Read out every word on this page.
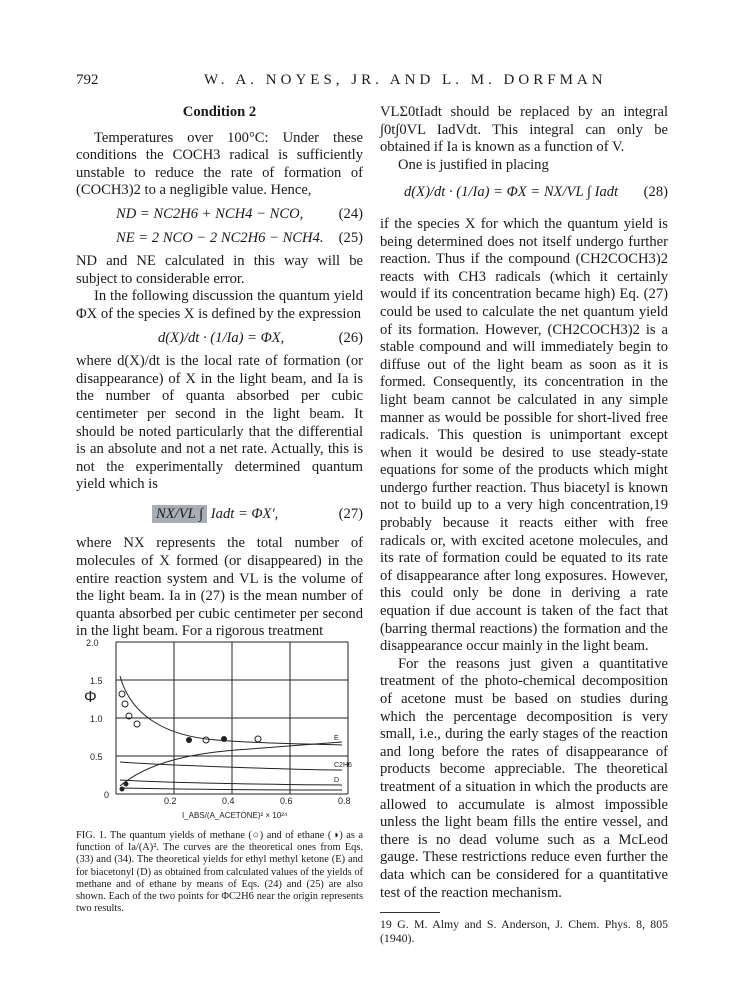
792	W. A. NOYES, JR. AND L. M. DORFMAN

Condition 2

Temperatures over 100°C: Under these conditions the COCH3 radical is sufficiently unstable to reduce the rate of formation of (COCH3)2 to a negligible value. Hence,

ND = NC2H6 + NCH4 − NCO, (24)
NE = 2 NCO − 2 NC2H6 − NCH4. (25)

ND and NE calculated in this way will be subject to considerable error.

In the following discussion the quantum yield ΦX of the species X is defined by the expression

d(X)/dt · (1/Ia) = ΦX,	(26)

where d(X)/dt is the local rate of formation (or disappearance) of X in the light beam, and Ia is the number of quanta absorbed per cubic centimeter per second in the light beam. It should be noted particularly that the differential is an absolute and not a net rate. Actually, this is not the experimentally determined quantum yield which is

NX/VL ∫ Iadt = ΦX′,	(27)

where NX represents the total number of molecules of X formed (or disappeared) in the entire reaction system and VL is the volume of the light beam. Ia in (27) is the mean number of quanta absorbed per cubic centimeter per second in the light beam. For a rigorous treatment

2.0
1.5
1.0
0.5
0
Φ
0.2	0.4	0.6	0.8
I_ABS/(A_ACETONE)² × 10²⁴
E
C2H6
D
FIG. 1. The quantum yields of methane (○) and of ethane (◑) as a function of Ia/(A)². The curves are the theoretical ones from Eqs. (33) and (34). The theoretical yields for ethyl methyl ketone (E) and for biacetonyl (D) as obtained from calculated values of the yields of methane and of ethane by means of Eqs. (24) and (25) are also shown. Each of the two points for ΦC2H6 near the origin represents two results.

VLΣ0tIadt should be replaced by an integral ∫0t∫0VL IadVdt. This integral can only be obtained if Ia is known as a function of V.

One is justified in placing

d(X)/dt · (1/Ia) = ΦX = NX/VL ∫ Iadt (28)

if the species X for which the quantum yield is being determined does not itself undergo further reaction. Thus if the compound (CH2COCH3)2 reacts with CH3 radicals (which it certainly would if its concentration became high) Eq. (27) could be used to calculate the net quantum yield of its formation. However, (CH2COCH3)2 is a stable compound and will immediately begin to diffuse out of the light beam as soon as it is formed. Consequently, its concentration in the light beam cannot be calculated in any simple manner as would be possible for short-lived free radicals. This question is unimportant except when it would be desired to use steady-state equations for some of the products which might undergo further reaction. Thus biacetyl is known not to build up to a very high concentration,19 probably because it reacts either with free radicals or, with excited acetone molecules, and its rate of formation could be equated to its rate of disappearance after long exposures. However, this could only be done in deriving a rate equation if due account is taken of the fact that (barring thermal reactions) the formation and the disappearance occur mainly in the light beam.

For the reasons just given a quantitative treatment of the photo-chemical decomposition of acetone must be based on studies during which the percentage decomposition is very small, i.e., during the early stages of the reaction and long before the rates of disappearance of products become appreciable. The theoretical treatment of a situation in which the products are allowed to accumulate is almost impossible unless the light beam fills the entire vessel, and there is no dead volume such as a McLeod gauge. These restrictions reduce even further the data which can be considered for a quantitative test of the reaction mechanism.

19 G. M. Almy and S. Anderson, J. Chem. Phys. 8, 805 (1940).
